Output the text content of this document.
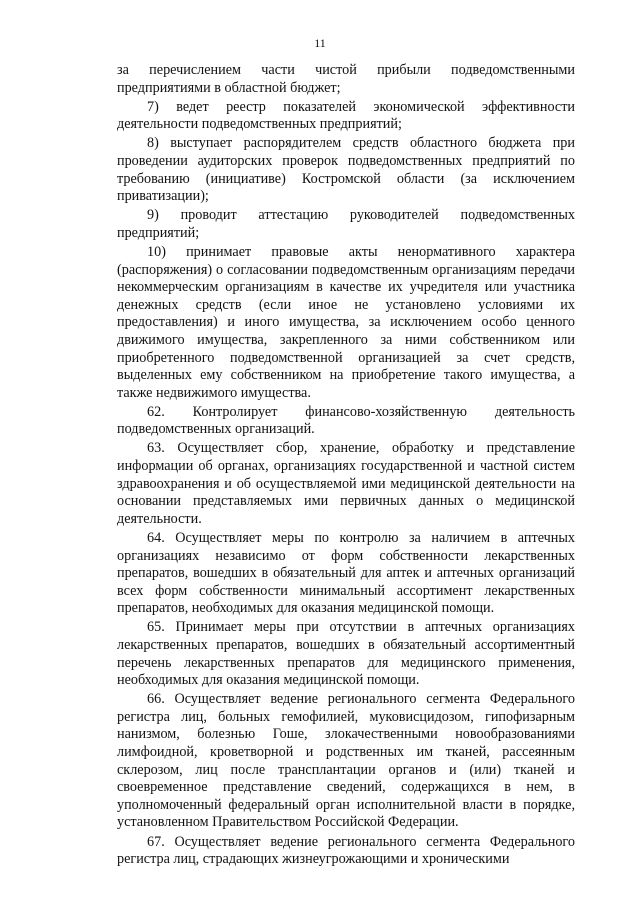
11

за перечислением части чистой прибыли подведомственными предприятиями в областной бюджет;

7) ведет реестр показателей экономической эффективности деятельности подведомственных предприятий;

8) выступает распорядителем средств областного бюджета при проведении аудиторских проверок подведомственных предприятий по требованию (инициативе) Костромской области (за исключением приватизации);

9) проводит аттестацию руководителей подведомственных предприятий;

10) принимает правовые акты ненормативного характера (распоряжения) о согласовании подведомственным организациям передачи некоммерческим организациям в качестве их учредителя или участника денежных средств (если иное не установлено условиями их предоставления) и иного имущества, за исключением особо ценного движимого имущества, закрепленного за ними собственником или приобретенного подведомственной организацией за счет средств, выделенных ему собственником на приобретение такого имущества, а также недвижимого имущества.

62. Контролирует финансово-хозяйственную деятельность подведомственных организаций.

63. Осуществляет сбор, хранение, обработку и представление информации об органах, организациях государственной и частной систем здравоохранения и об осуществляемой ими медицинской деятельности на основании представляемых ими первичных данных о медицинской деятельности.

64. Осуществляет меры по контролю за наличием в аптечных организациях независимо от форм собственности лекарственных препаратов, вошедших в обязательный для аптек и аптечных организаций всех форм собственности минимальный ассортимент лекарственных препаратов, необходимых для оказания медицинской помощи.

65. Принимает меры при отсутствии в аптечных организациях лекарственных препаратов, вошедших в обязательный ассортиментный перечень лекарственных препаратов для медицинского применения, необходимых для оказания медицинской помощи.

66. Осуществляет ведение регионального сегмента Федерального регистра лиц, больных гемофилией, муковисцидозом, гипофизарным нанизмом, болезнью Гоше, злокачественными новообразованиями лимфоидной, кроветворной и родственных им тканей, рассеянным склерозом, лиц после трансплантации органов и (или) тканей и своевременное представление сведений, содержащихся в нем, в уполномоченный федеральный орган исполнительной власти в порядке, установленном Правительством Российской Федерации.

67. Осуществляет ведение регионального сегмента Федерального регистра лиц, страдающих жизнеугрожающими и хроническими
